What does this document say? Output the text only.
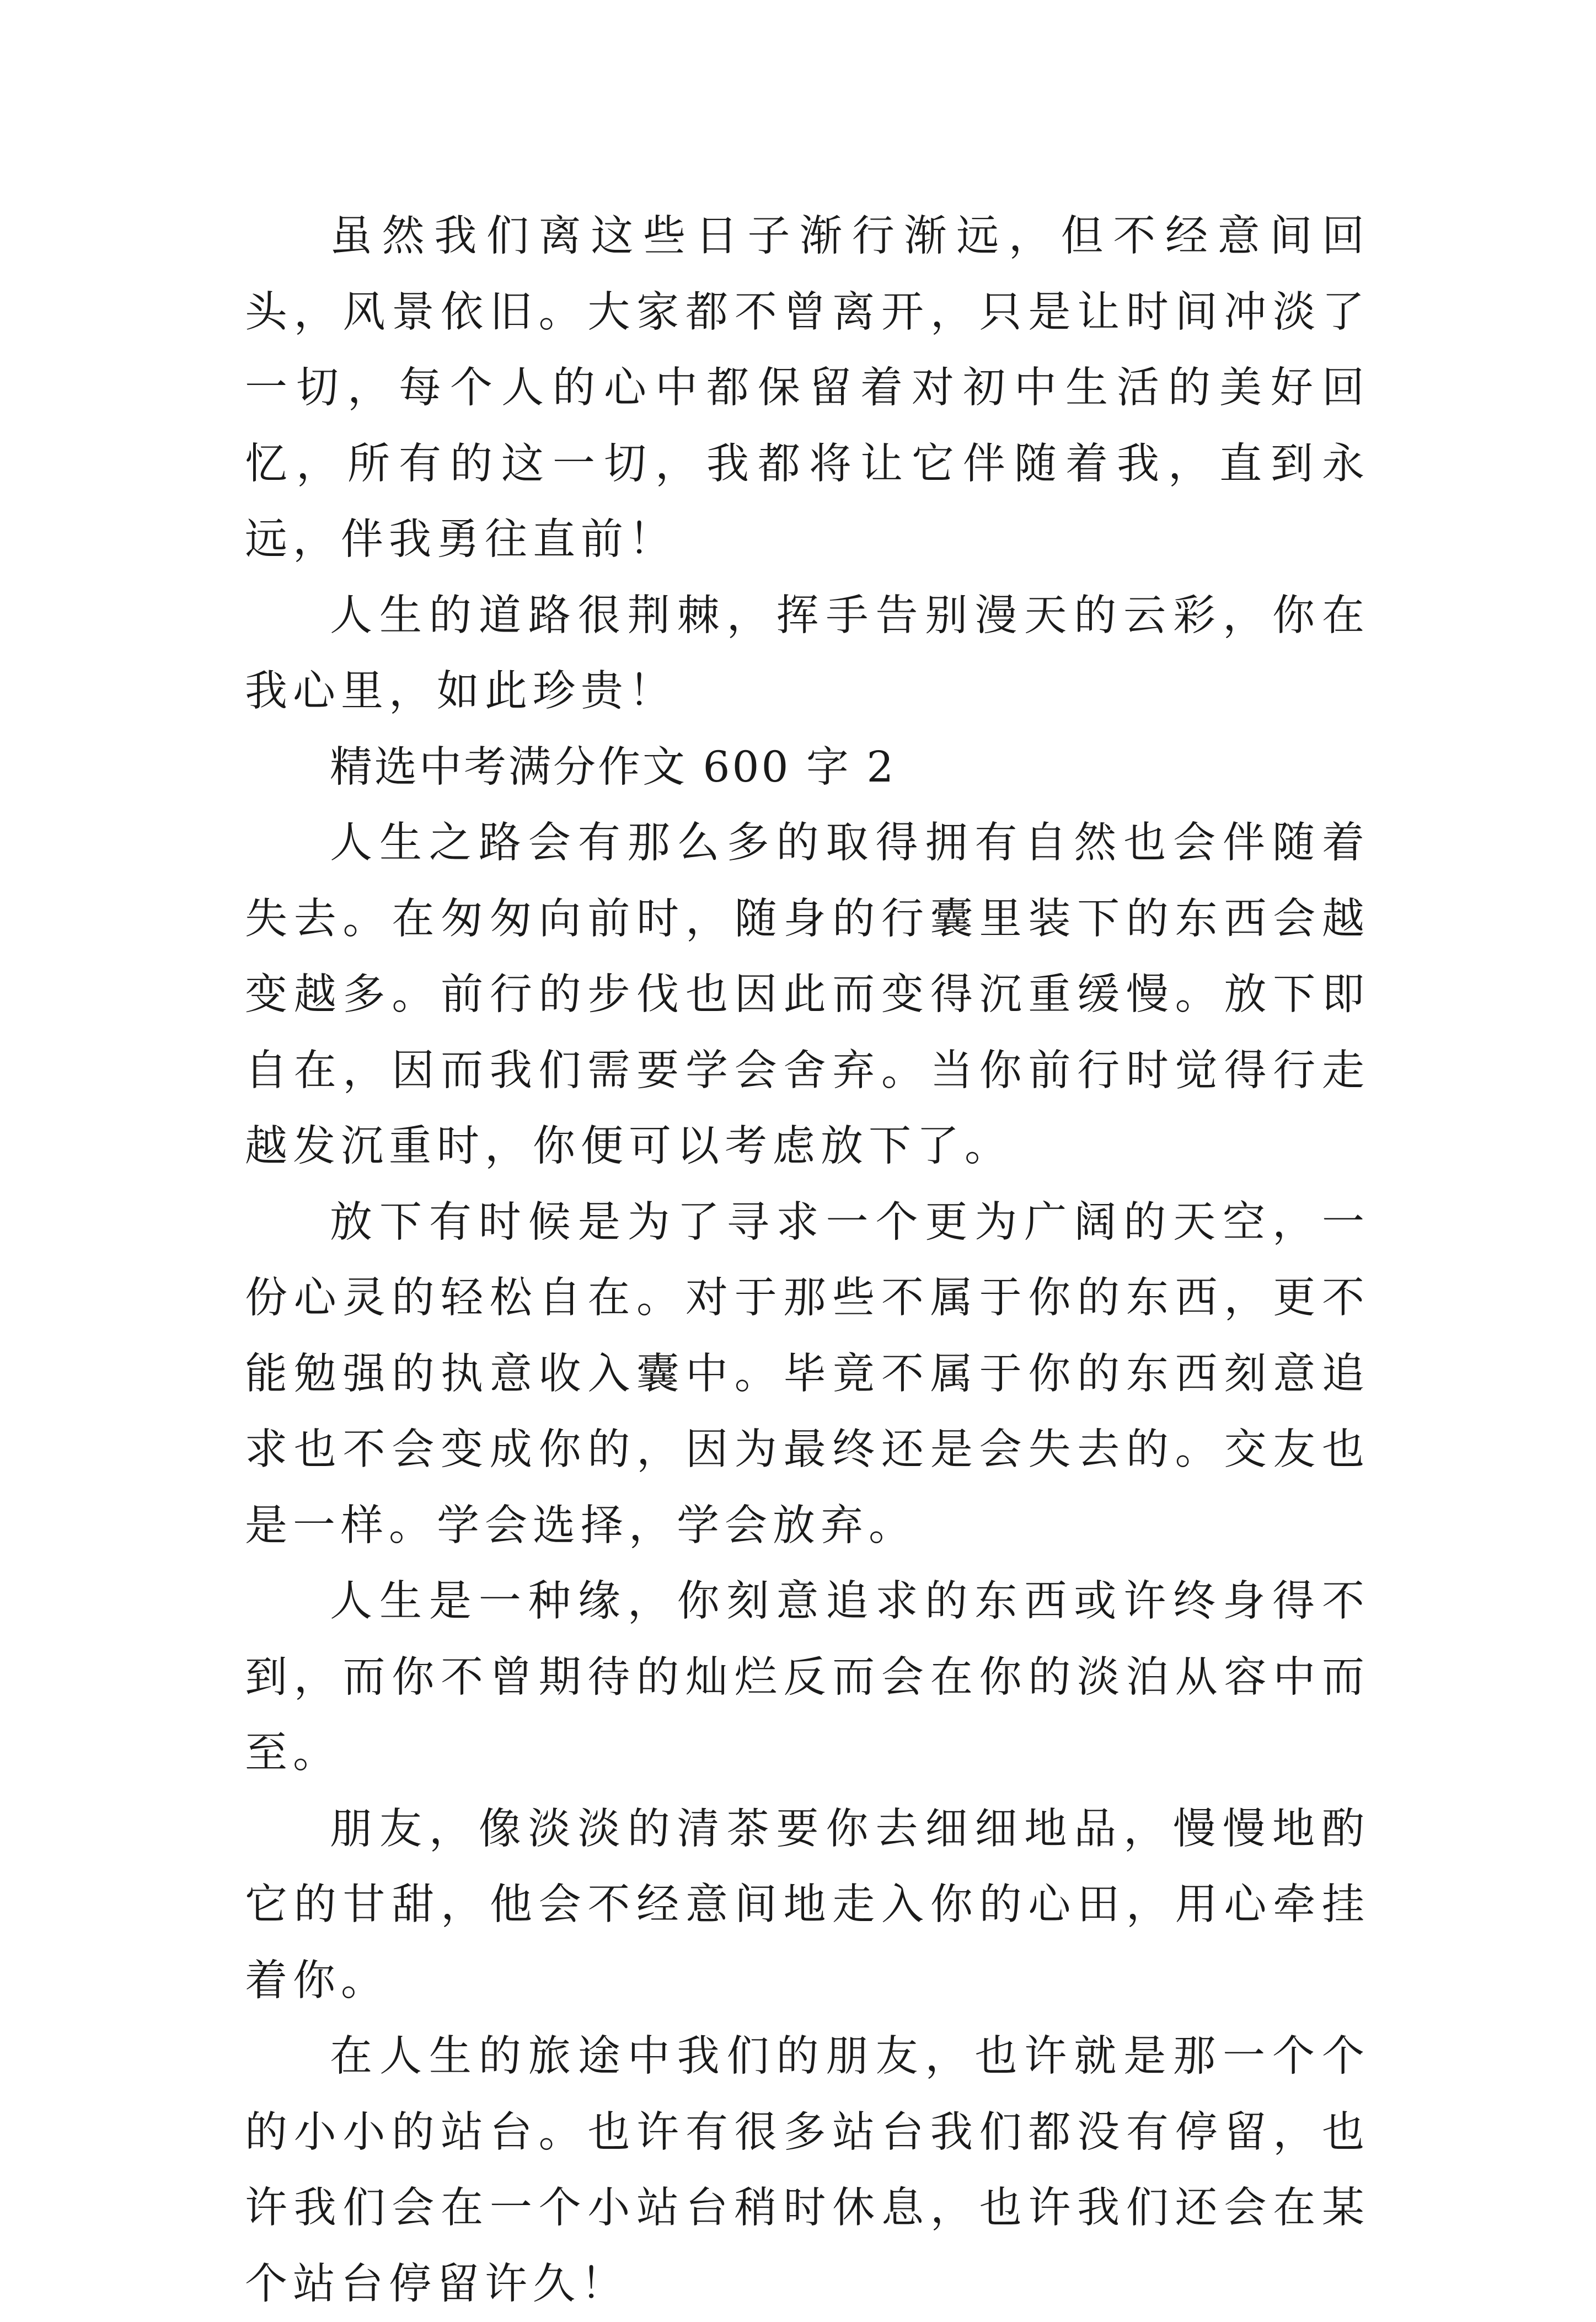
虽然我们离这些日子渐行渐远，但不经意间回头，风景依旧。大家都不曾离开，只是让时间冲淡了一切，每个人的心中都保留着对初中生活的美好回忆，所有的这一切，我都将让它伴随着我，直到永远，伴我勇往直前！

人生的道路很荆棘，挥手告别漫天的云彩，你在我心里，如此珍贵！

精选中考满分作文 600 字 2

人生之路会有那么多的取得拥有自然也会伴随着失去。在匆匆向前时，随身的行囊里装下的东西会越变越多。前行的步伐也因此而变得沉重缓慢。放下即自在，因而我们需要学会舍弃。当你前行时觉得行走越发沉重时，你便可以考虑放下了。

放下有时候是为了寻求一个更为广阔的天空，一份心灵的轻松自在。对于那些不属于你的东西，更不能勉强的执意收入囊中。毕竟不属于你的东西刻意追求也不会变成你的，因为最终还是会失去的。交友也是一样。学会选择，学会放弃。

人生是一种缘，你刻意追求的东西或许终身得不到，而你不曾期待的灿烂反而会在你的淡泊从容中而至。

朋友，像淡淡的清茶要你去细细地品，慢慢地酌它的甘甜，他会不经意间地走入你的心田，用心牵挂着你。

在人生的旅途中我们的朋友，也许就是那一个个的小小的站台。也许有很多站台我们都没有停留，也许我们会在一个小站台稍时休息，也许我们还会在某个站台停留许久！
